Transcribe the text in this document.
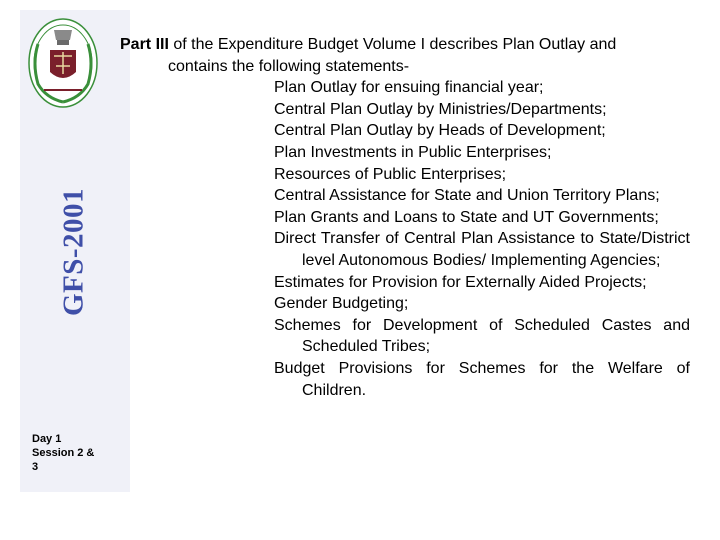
GFS-2001
Day 1
Session 2 &
3

Part III of the Expenditure Budget Volume I describes Plan Outlay and
contains the following statements-

Plan Outlay for ensuing financial year;
Central Plan Outlay by Ministries/Departments;
Central Plan Outlay by Heads of Development;
Plan Investments in Public Enterprises;
Resources of Public Enterprises;
Central Assistance for State and Union Territory Plans;
Plan Grants and Loans to State and UT Governments;
Direct Transfer of Central Plan Assistance to State/District level Autonomous Bodies/ Implementing Agencies;
Estimates for Provision for Externally Aided Projects;
Gender Budgeting;
Schemes for Development of Scheduled Castes and Scheduled Tribes;
Budget Provisions for Schemes for the Welfare of Children.
